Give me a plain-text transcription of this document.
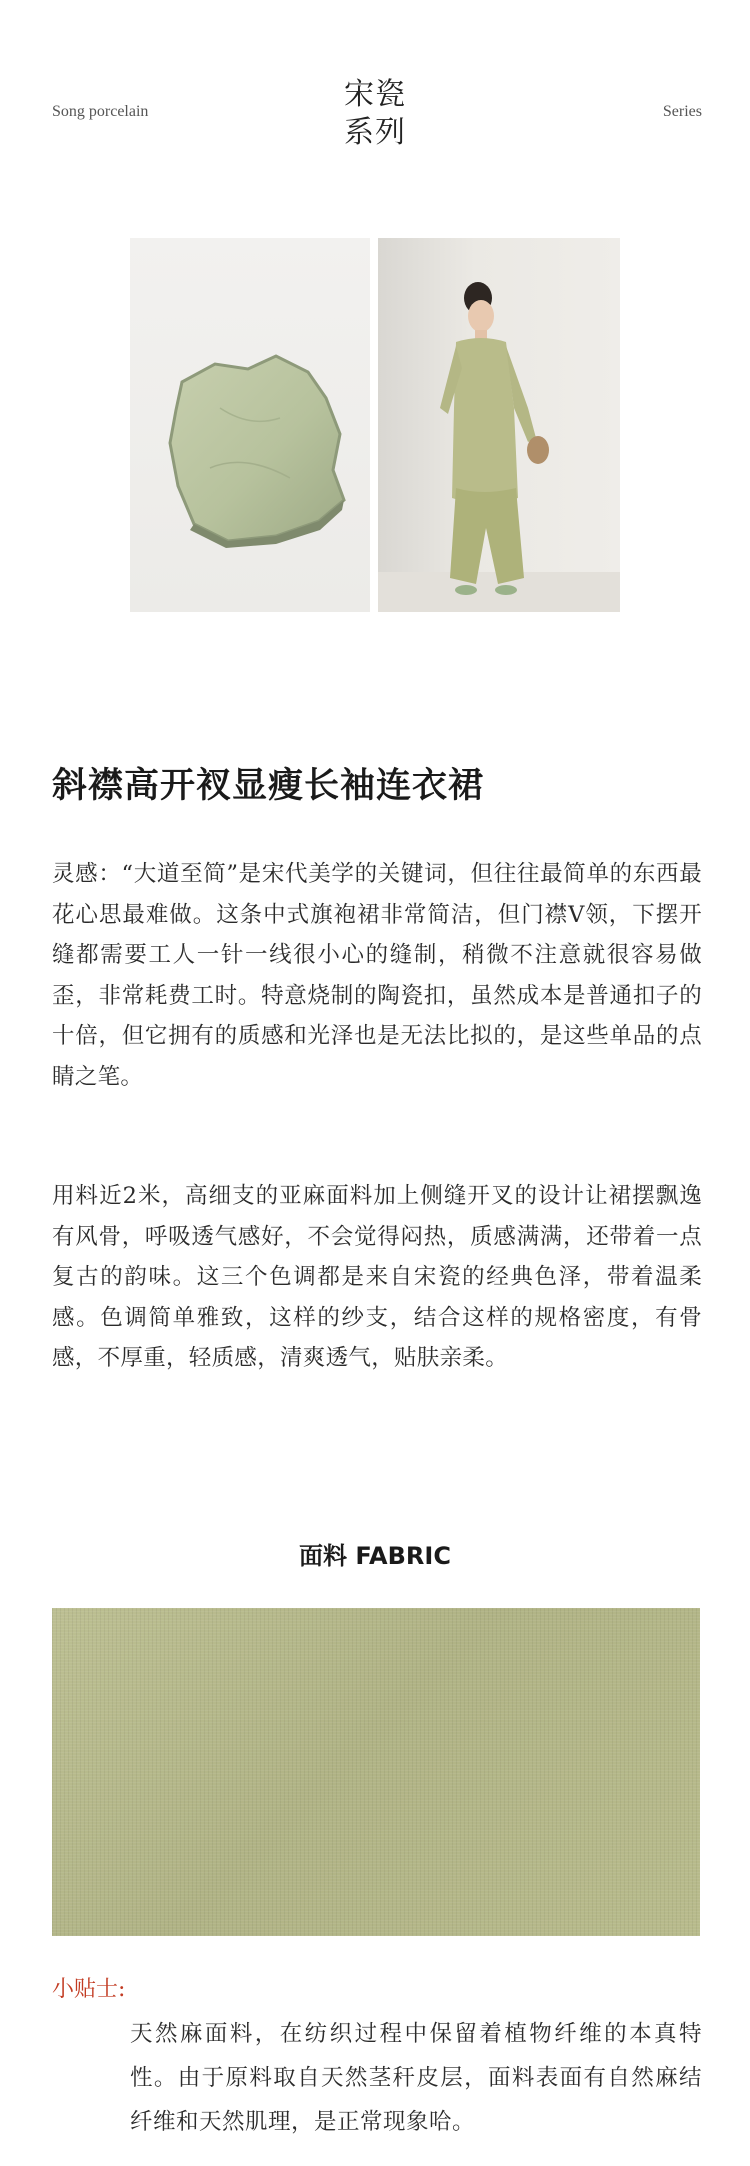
Song porcelain	宋瓷
系列
Series
斜襟高开衩显瘦长袖连衣裙
灵感：“大道至简”是宋代美学的关键词，但往往最简单的东西最花心思最难做。这条中式旗袍裙非常简洁，但门襟V领，下摆开缝都需要工人一针一线很小心的缝制，稍微不注意就很容易做歪，非常耗费工时。特意烧制的陶瓷扣，虽然成本是普通扣子的十倍，但它拥有的质感和光泽也是无法比拟的，是这些单品的点睛之笔。
用料近2米，高细支的亚麻面料加上侧缝开叉的设计让裙摆飘逸有风骨，呼吸透气感好，不会觉得闷热，质感满满，还带着一点复古的韵味。这三个色调都是来自宋瓷的经典色泽，带着温柔感。色调简单雅致，这样的纱支，结合这样的规格密度，有骨感，不厚重，轻质感，清爽透气，贴肤亲柔。
面料 FABRIC
小贴士:
天然麻面料，在纺织过程中保留着植物纤维的本真特性。由于原料取自天然茎秆皮层，面料表面有自然麻结纤维和天然肌理，是正常现象哈。
